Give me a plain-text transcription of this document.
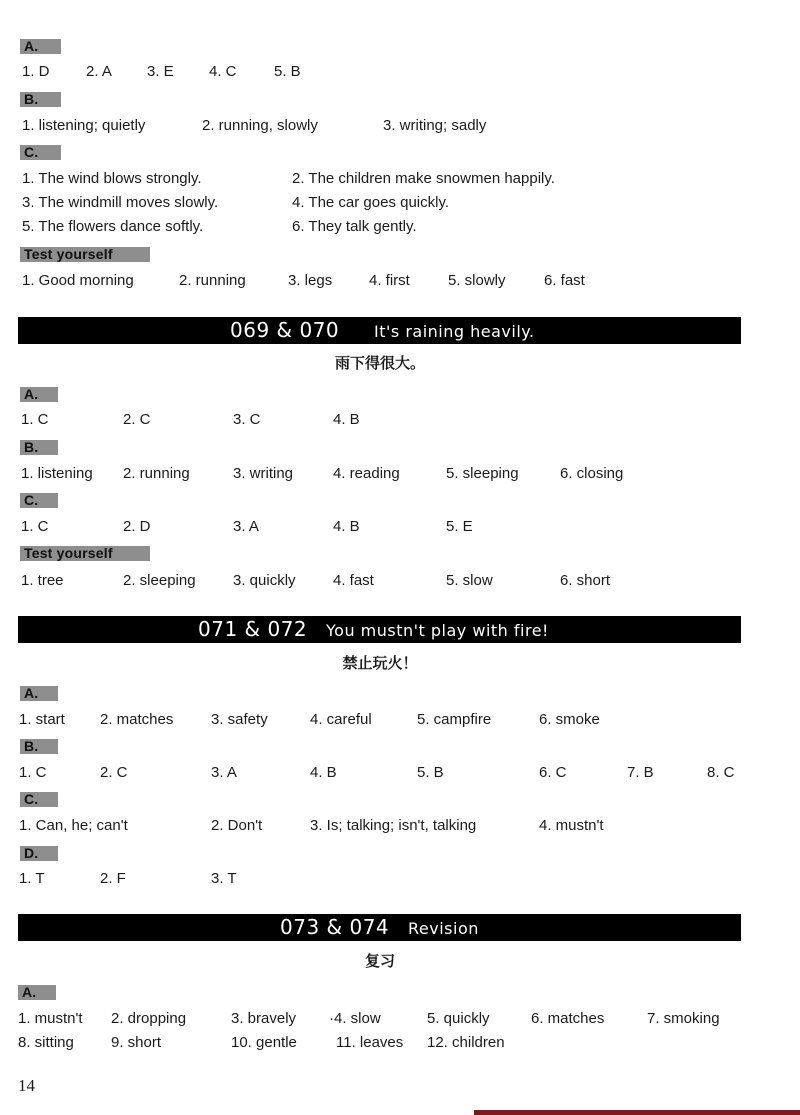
A.
1. D 2. A 3. E 4. C 5. B
B.
1. listening; quietly	2. running, slowly	3. writing; sadly
C.
1. The wind blows strongly.	2. The children make snowmen happily.
3. The windmill moves slowly.	4. The car goes quickly.
5. The flowers dance softly.	6. They talk gently.
Test yourself
1. Good morning	2. running	3. legs 4. first	5. slowly	6. fast
069 & 070 It's raining heavily.
雨下得很大。
A.
1. C	2. C	3. C	4. B
B.
1. listening 2. running	3. writing	4. reading	5. sleeping	6. closing
C.
1. C	2. D	3. A	4. B	5. E
Test yourself
1. tree	2. sleeping 3. quickly 4. fast	5. slow	6. short
071 & 072 You mustn't play with fire!
禁止玩火！
A.
1. start 2. matches	3. safety	4. careful	5. campfire	6. smoke
B.
1. C	2. C	3. A	4. B	5. B	6. C	7. B	8. C
C.
1. Can, he; can't	2. Don't	3. Is; talking; isn't, talking	4. mustn't
D.
1. T	2. F	3. T
073 & 074 Revision
复习
A.
1. mustn't 2. dropping	3. bravely ·4. slow	5. quickly	6. matches	7. smoking
8. sitting 9. short	10. gentle	11. leaves 12. children
14
